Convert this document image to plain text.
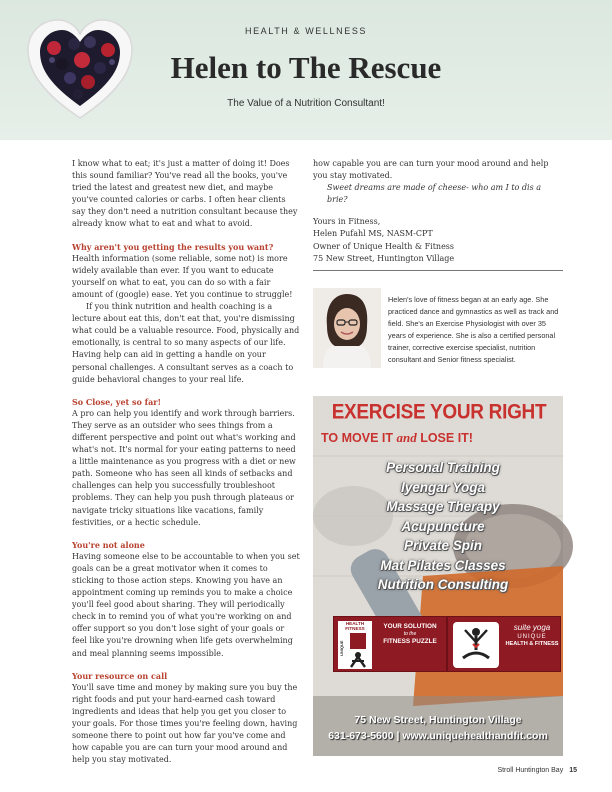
HEALTH & WELLNESS
Helen to The Rescue
The Value of a Nutrition Consultant!

I know what to eat; it's just a matter of doing it! Does this sound familiar? You've read all the books, you've tried the latest and greatest new diet, and maybe you've counted calories or carbs. I often hear clients say they don't need a nutrition consultant because they already know what to eat and what to avoid.

Why aren't you getting the results you want?

Health information (some reliable, some not) is more widely available than ever. If you want to educate yourself on what to eat, you can do so with a fair amount of (google) ease. Yet you continue to struggle!

If you think nutrition and health coaching is a lecture about eat this, don't eat that, you're dismissing what could be a valuable resource. Food, physically and emotionally, is central to so many aspects of our life. Having help can aid in getting a handle on your personal challenges. A consultant serves as a coach to guide behavioral changes to your real life.

So Close, yet so far!

A pro can help you identify and work through barriers. They serve as an outsider who sees things from a different perspective and point out what's working and what's not. It's normal for your eating patterns to need a little maintenance as you progress with a diet or new path. Someone who has seen all kinds of setbacks and challenges can help you successfully troubleshoot problems. They can help you push through plateaus or navigate tricky situations like vacations, family festivities, or a hectic schedule.

You're not alone

Having someone else to be accountable to when you set goals can be a great motivator when it comes to sticking to those action steps. Knowing you have an appointment coming up reminds you to make a choice you'll feel good about sharing. They will periodically check in to remind you of what you're working on and offer support so you don't lose sight of your goals or feel like you're drowning when life gets overwhelming and meal planning seems impossible.

Your resource on call

You'll save time and money by making sure you buy the right foods and put your hard-earned cash toward ingredients and ideas that help you get you closer to your goals. For those times you're feeling down, having someone there to point out how far you've come and how capable you are can turn your mood around and help you stay motivated.

how capable you are can turn your mood around and help you stay motivated.

Sweet dreams are made of cheese- who am I to dis a brie?
Yours in Fitness,
Helen Pufahl MS, NASM-CPT
Owner of Unique Health & Fitness
75 New Street, Huntington Village
Helen's love of fitness began at an early age. She practiced dance and gymnastics as well as track and field. She's an Exercise Physiologist with over 35 years of experience. She is also a certified personal trainer, corrective exercise specialist, nutrition consultant and Senior fitness specialist.
EXERCISE YOUR RIGHT
TO MOVE IT and LOSE IT!
Personal Training
Iyengar Yoga
Massage Therapy
Acupuncture
Private Spin
Mat Pilates Classes
Nutrition Consulting
HEALTH FITNESS
UNIQUE
YOUR SOLUTION
to the
FITNESS PUZZLE
suite yoga
UNIQUE
HEALTH & FITNESS
75 New Street, Huntington Village
631-673-5600 | www.uniquehealthandfit.com
Stroll Huntington Bay 15
